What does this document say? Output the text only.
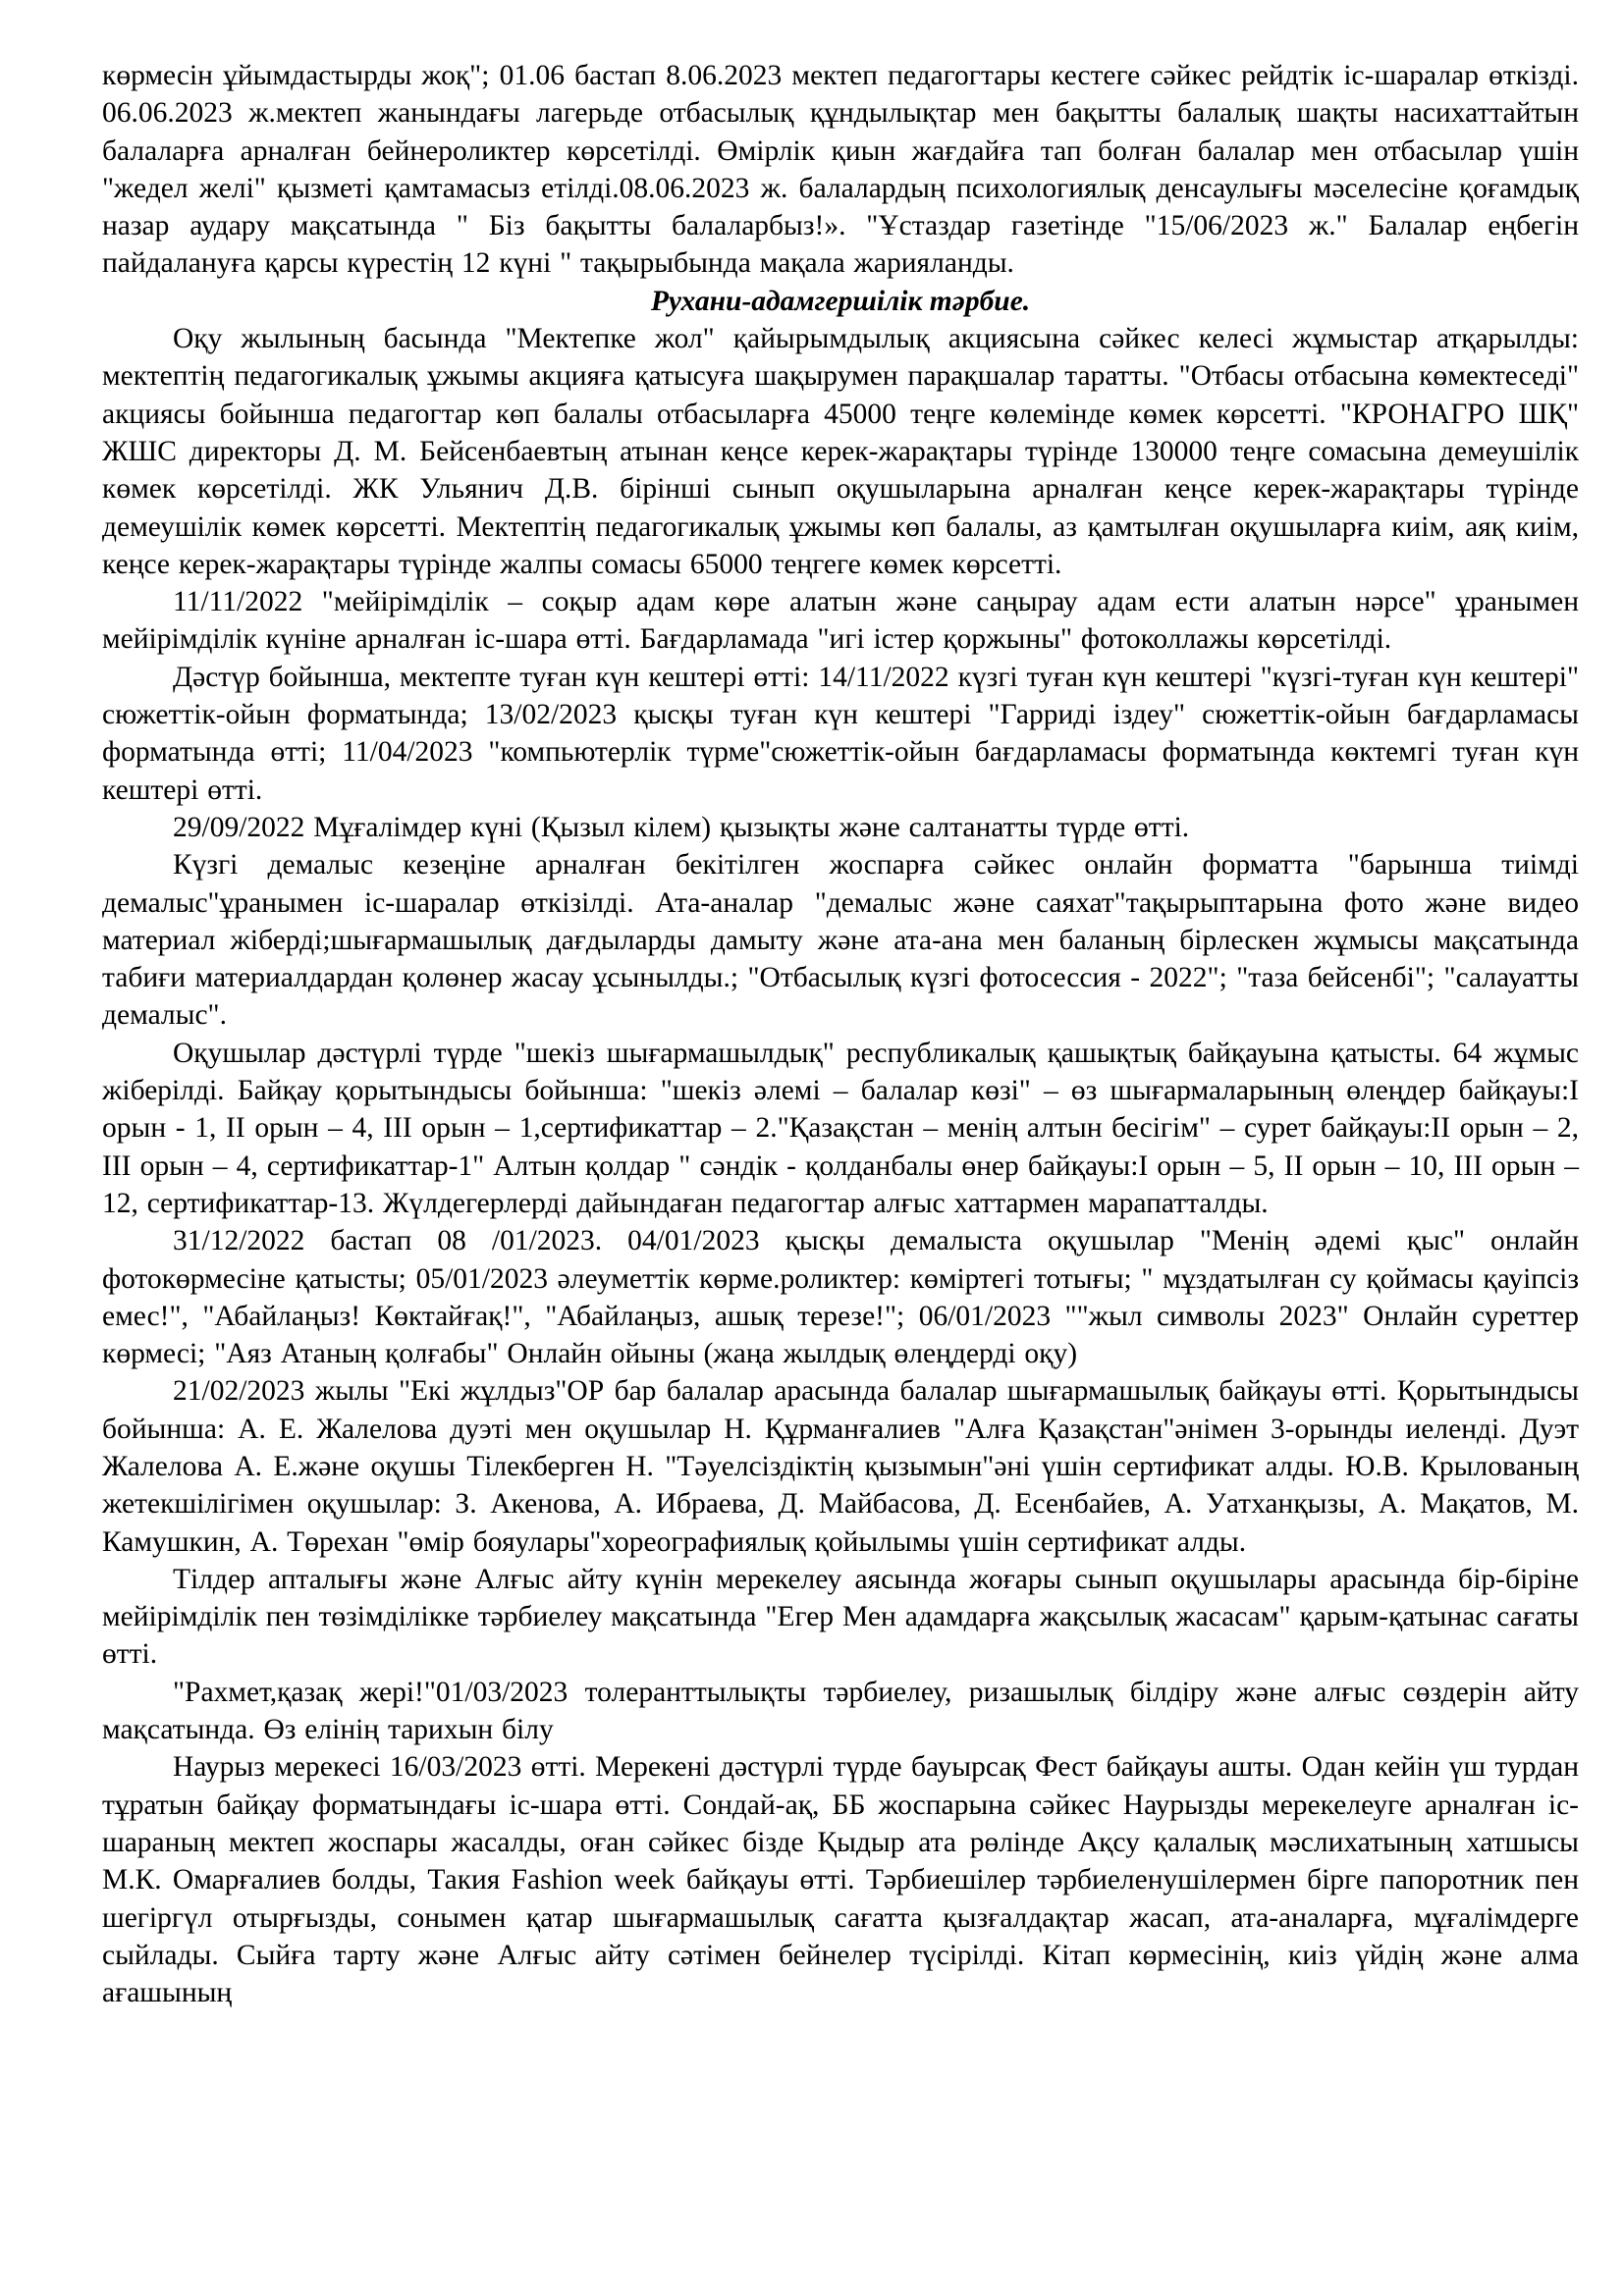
көрмесін ұйымдастырды жоқ"; 01.06 бастап 8.06.2023 мектеп педагогтары кестеге сәйкес рейдтік іс-шаралар өткізді. 06.06.2023 ж.мектеп жанындағы лагерьде отбасылық құндылықтар мен бақытты балалық шақты насихаттайтын балаларға арналған бейнероликтер көрсетілді. Өмірлік қиын жағдайға тап болған балалар мен отбасылар үшін "жедел желі" қызметі қамтамасыз етілді.08.06.2023 ж. балалардың психологиялық денсаулығы мәселесіне қоғамдық назар аудару мақсатында " Біз бақытты балаларбыз!». "Ұстаздар газетінде "15/06/2023 ж." Балалар еңбегін пайдалануға қарсы күрестің 12 күні " тақырыбында мақала жарияланды.

Рухани-адамгершілік тәрбие.

Оқу жылының басында "Мектепке жол" қайырымдылық акциясына сәйкес келесі жұмыстар атқарылды: мектептің педагогикалық ұжымы акцияға қатысуға шақырумен парақшалар таратты. "Отбасы отбасына көмектеседі" акциясы бойынша педагогтар көп балалы отбасыларға 45000 теңге көлемінде көмек көрсетті. "КРОНАГРО ШҚ" ЖШС директоры Д. М. Бейсенбаевтың атынан кеңсе керек-жарақтары түрінде 130000 теңге сомасына демеушілік көмек көрсетілді. ЖК Ульянич Д.В. бірінші сынып оқушыларына арналған кеңсе керек-жарақтары түрінде демеушілік көмек көрсетті. Мектептің педагогикалық ұжымы көп балалы, аз қамтылған оқушыларға киім, аяқ киім, кеңсе керек-жарақтары түрінде жалпы сомасы 65000 теңгеге көмек көрсетті.

11/11/2022 "мейірімділік – соқыр адам көре алатын және саңырау адам ести алатын нәрсе" ұранымен мейірімділік күніне арналған іс-шара өтті. Бағдарламада "игі істер қоржыны" фотоколлажы көрсетілді.

Дәстүр бойынша, мектепте туған күн кештері өтті: 14/11/2022 күзгі туған күн кештері "күзгі-туған күн кештері" сюжеттік-ойын форматында; 13/02/2023 қысқы туған күн кештері "Гарриді іздеу" сюжеттік-ойын бағдарламасы форматында өтті; 11/04/2023 "компьютерлік түрме"сюжеттік-ойын бағдарламасы форматында көктемгі туған күн кештері өтті.

29/09/2022 Мұғалімдер күні (Қызыл кілем) қызықты және салтанатты түрде өтті.

Күзгі демалыс кезеңіне арналған бекітілген жоспарға сәйкес онлайн форматта "барынша тиімді демалыс"ұранымен іс-шаралар өткізілді. Ата-аналар "демалыс және саяхат"тақырыптарына фото және видео материал жіберді;шығармашылық дағдыларды дамыту және ата-ана мен баланың бірлескен жұмысы мақсатында табиғи материалдардан қолөнер жасау ұсынылды.; "Отбасылық күзгі фотосессия - 2022"; "таза бейсенбі"; "салауатты демалыс".

Оқушылар дәстүрлі түрде "шекіз шығармашылдық" республикалық қашықтық байқауына қатысты. 64 жұмыс жіберілді. Байқау қорытындысы бойынша: "шекіз әлемі – балалар көзі" – өз шығармаларының өлеңдер байқауы:I орын - 1, II орын – 4, III орын – 1,сертификаттар – 2."Қазақстан – менің алтын бесігім" – сурет байқауы:II орын – 2, III орын – 4, сертификаттар-1" Алтын қолдар " сәндік - қолданбалы өнер байқауы:I орын – 5, II орын – 10, III орын – 12, сертификаттар-13. Жүлдегерлерді дайындаған педагогтар алғыс хаттармен марапатталды.

31/12/2022 бастап 08 /01/2023. 04/01/2023 қысқы демалыста оқушылар "Менің әдемі қыс" онлайн фотокөрмесіне қатысты; 05/01/2023 әлеуметтік көрме.роликтер: көміртегі тотығы; " мұздатылған су қоймасы қауіпсіз емес!", "Абайлаңыз! Көктайғақ!", "Абайлаңыз, ашық терезе!"; 06/01/2023 ""жыл символы 2023" Онлайн суреттер көрмесі; "Аяз Атаның қолғабы" Онлайн ойыны (жаңа жылдық өлеңдерді оқу)

21/02/2023 жылы "Екі жұлдыз"ОР бар балалар арасында балалар шығармашылық байқауы өтті. Қорытындысы бойынша: А. Е. Жалелова дуэті мен оқушылар Н. Құрманғалиев "Алға Қазақстан"әнімен 3-орынды иеленді. Дуэт Жалелова А. Е.және оқушы Тілекберген Н. "Тәуелсіздіктің қызымын"әні үшін сертификат алды. Ю.В. Крылованың жетекшілігімен оқушылар: З. Акенова, А. Ибраева, Д. Майбасова, Д. Есенбайев, А. Уатханқызы, А. Мақатов, М. Камушкин, А. Төрехан "өмір бояулары"хореографиялық қойылымы үшін сертификат алды.

Тілдер апталығы және Алғыс айту күнін мерекелеу аясында жоғары сынып оқушылары арасында бір-біріне мейірімділік пен төзімділікке тәрбиелеу мақсатында "Егер Мен адамдарға жақсылық жасасам" қарым-қатынас сағаты өтті.

"Рахмет,қазақ жері!"01/03/2023 толеранттылықты тәрбиелеу, ризашылық білдіру және алғыс сөздерін айту мақсатында. Өз елінің тарихын білу

Наурыз мерекесі 16/03/2023 өтті. Мерекені дәстүрлі түрде бауырсақ Фест байқауы ашты. Одан кейін үш турдан тұратын байқау форматындағы іс-шара өтті. Сондай-ақ, ББ жоспарына сәйкес Наурызды мерекелеуге арналған іс-шараның мектеп жоспары жасалды, оған сәйкес бізде Қыдыр ата рөлінде Ақсу қалалық мәслихатының хатшысы М.К. Омарғалиев болды, Такия Fashion week байқауы өтті. Тәрбиешілер тәрбиеленушілермен бірге папоротник пен шегіргүл отырғызды, сонымен қатар шығармашылық сағатта қызғалдақтар жасап, ата-аналарға, мұғалімдерге сыйлады. Сыйға тарту және Алғыс айту сәтімен бейнелер түсірілді. Кітап көрмесінің, киіз үйдің және алма ағашының
